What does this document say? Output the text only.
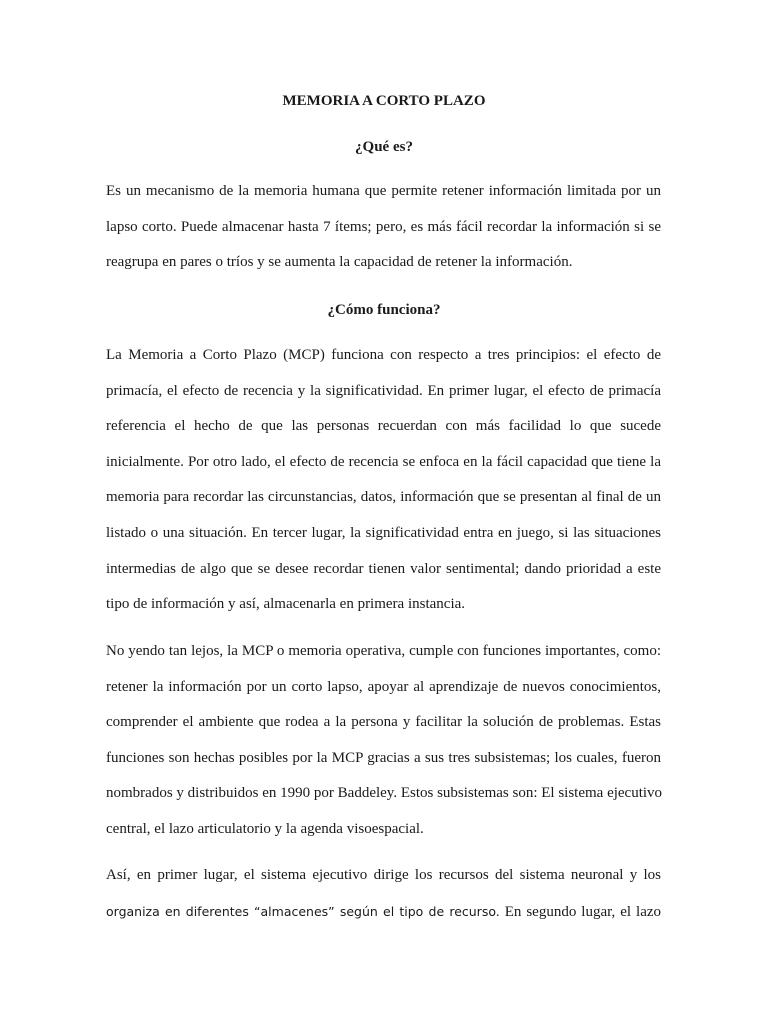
MEMORIA A CORTO PLAZO
¿Qué es?

Es un mecanismo de la memoria humana que permite retener información limitada por un
lapso corto. Puede almacenar hasta 7 ítems; pero, es más fácil recordar la información si se
reagrupa en pares o tríos y se aumenta la capacidad de retener la información.

¿Cómo funciona?

La Memoria a Corto Plazo (MCP) funciona con respecto a tres principios: el efecto de
primacía, el efecto de recencia y la significatividad. En primer lugar, el efecto de primacía
referencia el hecho de que las personas recuerdan con más facilidad lo que sucede
inicialmente. Por otro lado, el efecto de recencia se enfoca en la fácil capacidad que tiene la
memoria para recordar las circunstancias, datos, información que se presentan al final de un
listado o una situación. En tercer lugar, la significatividad entra en juego, si las situaciones
intermedias de algo que se desee recordar tienen valor sentimental; dando prioridad a este
tipo de información y así, almacenarla en primera instancia.

No yendo tan lejos, la MCP o memoria operativa, cumple con funciones importantes, como:
retener la información por un corto lapso, apoyar al aprendizaje de nuevos conocimientos,
comprender el ambiente que rodea a la persona y facilitar la solución de problemas. Estas
funciones son hechas posibles por la MCP gracias a sus tres subsistemas; los cuales, fueron
nombrados y distribuidos en 1990 por Baddeley. Estos subsistemas son: El sistema ejecutivo
central, el lazo articulatorio y la agenda visoespacial.

Así, en primer lugar, el sistema ejecutivo dirige los recursos del sistema neuronal y los
organiza en diferentes “almacenes” según el tipo de recurso. En segundo lugar, el lazo
